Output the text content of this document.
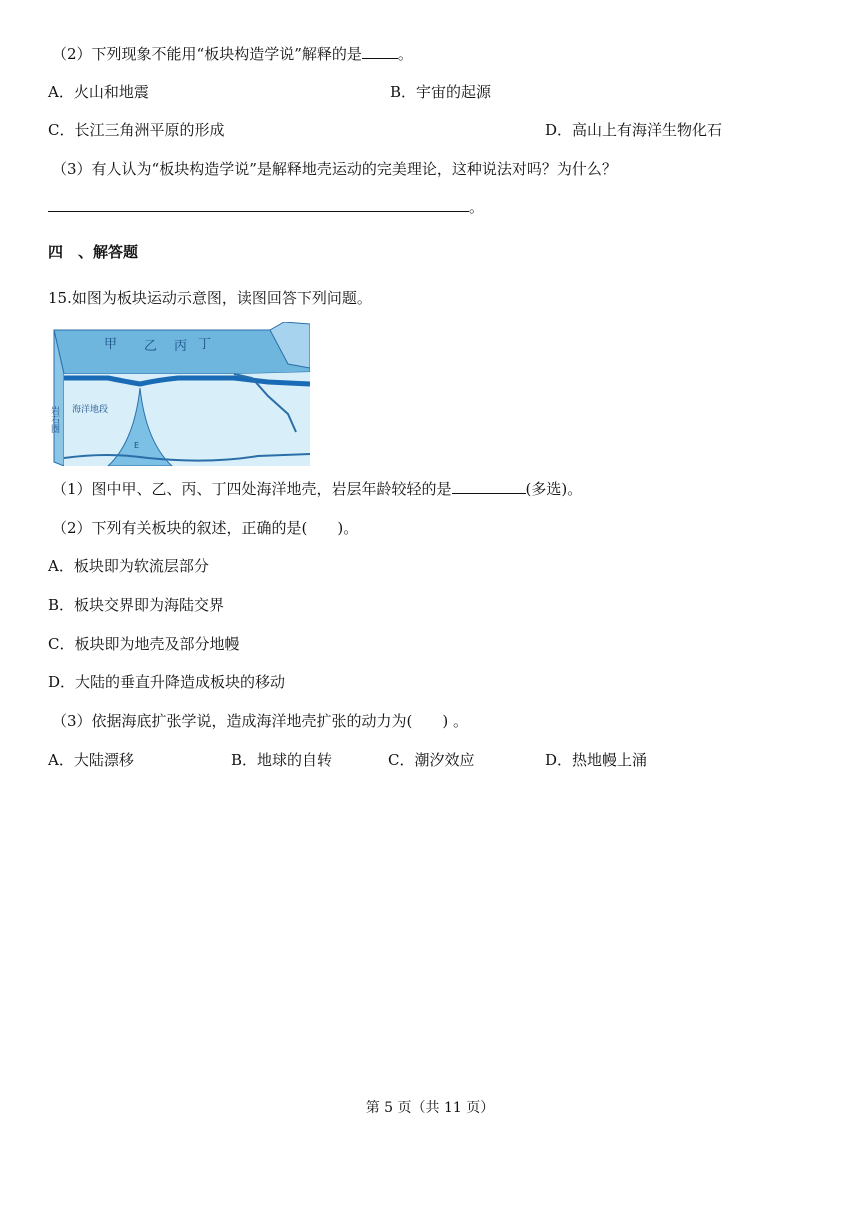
（2）下列现象不能用“板块构造学说”解释的是 。
A．火山和地震	B．宇宙的起源
C．长江三角洲平原的形成	D．高山上有海洋生物化石
（3）有人认为“板块构造学说”是解释地壳运动的完美理论，这种说法对吗？为什么？
。
四　、解答题
15.如图为板块运动示意图，读图回答下列问题。
甲 乙 丙 丁
海洋地段
岩石圈
E
（1）图中甲、乙、丙、丁四处海洋地壳，岩层年龄较轻的是	(多选)。
（2）下列有关板块的叙述，正确的是(　　)。
A．板块即为软流层部分
B．板块交界即为海陆交界
C．板块即为地壳及部分地幔
D．大陆的垂直升降造成板块的移动
（3）依据海底扩张学说，造成海洋地壳扩张的动力为(　　) 。
A．大陆漂移	B．地球的自转	C．潮汐效应	D．热地幔上涌
第 5 页（共 11 页）
